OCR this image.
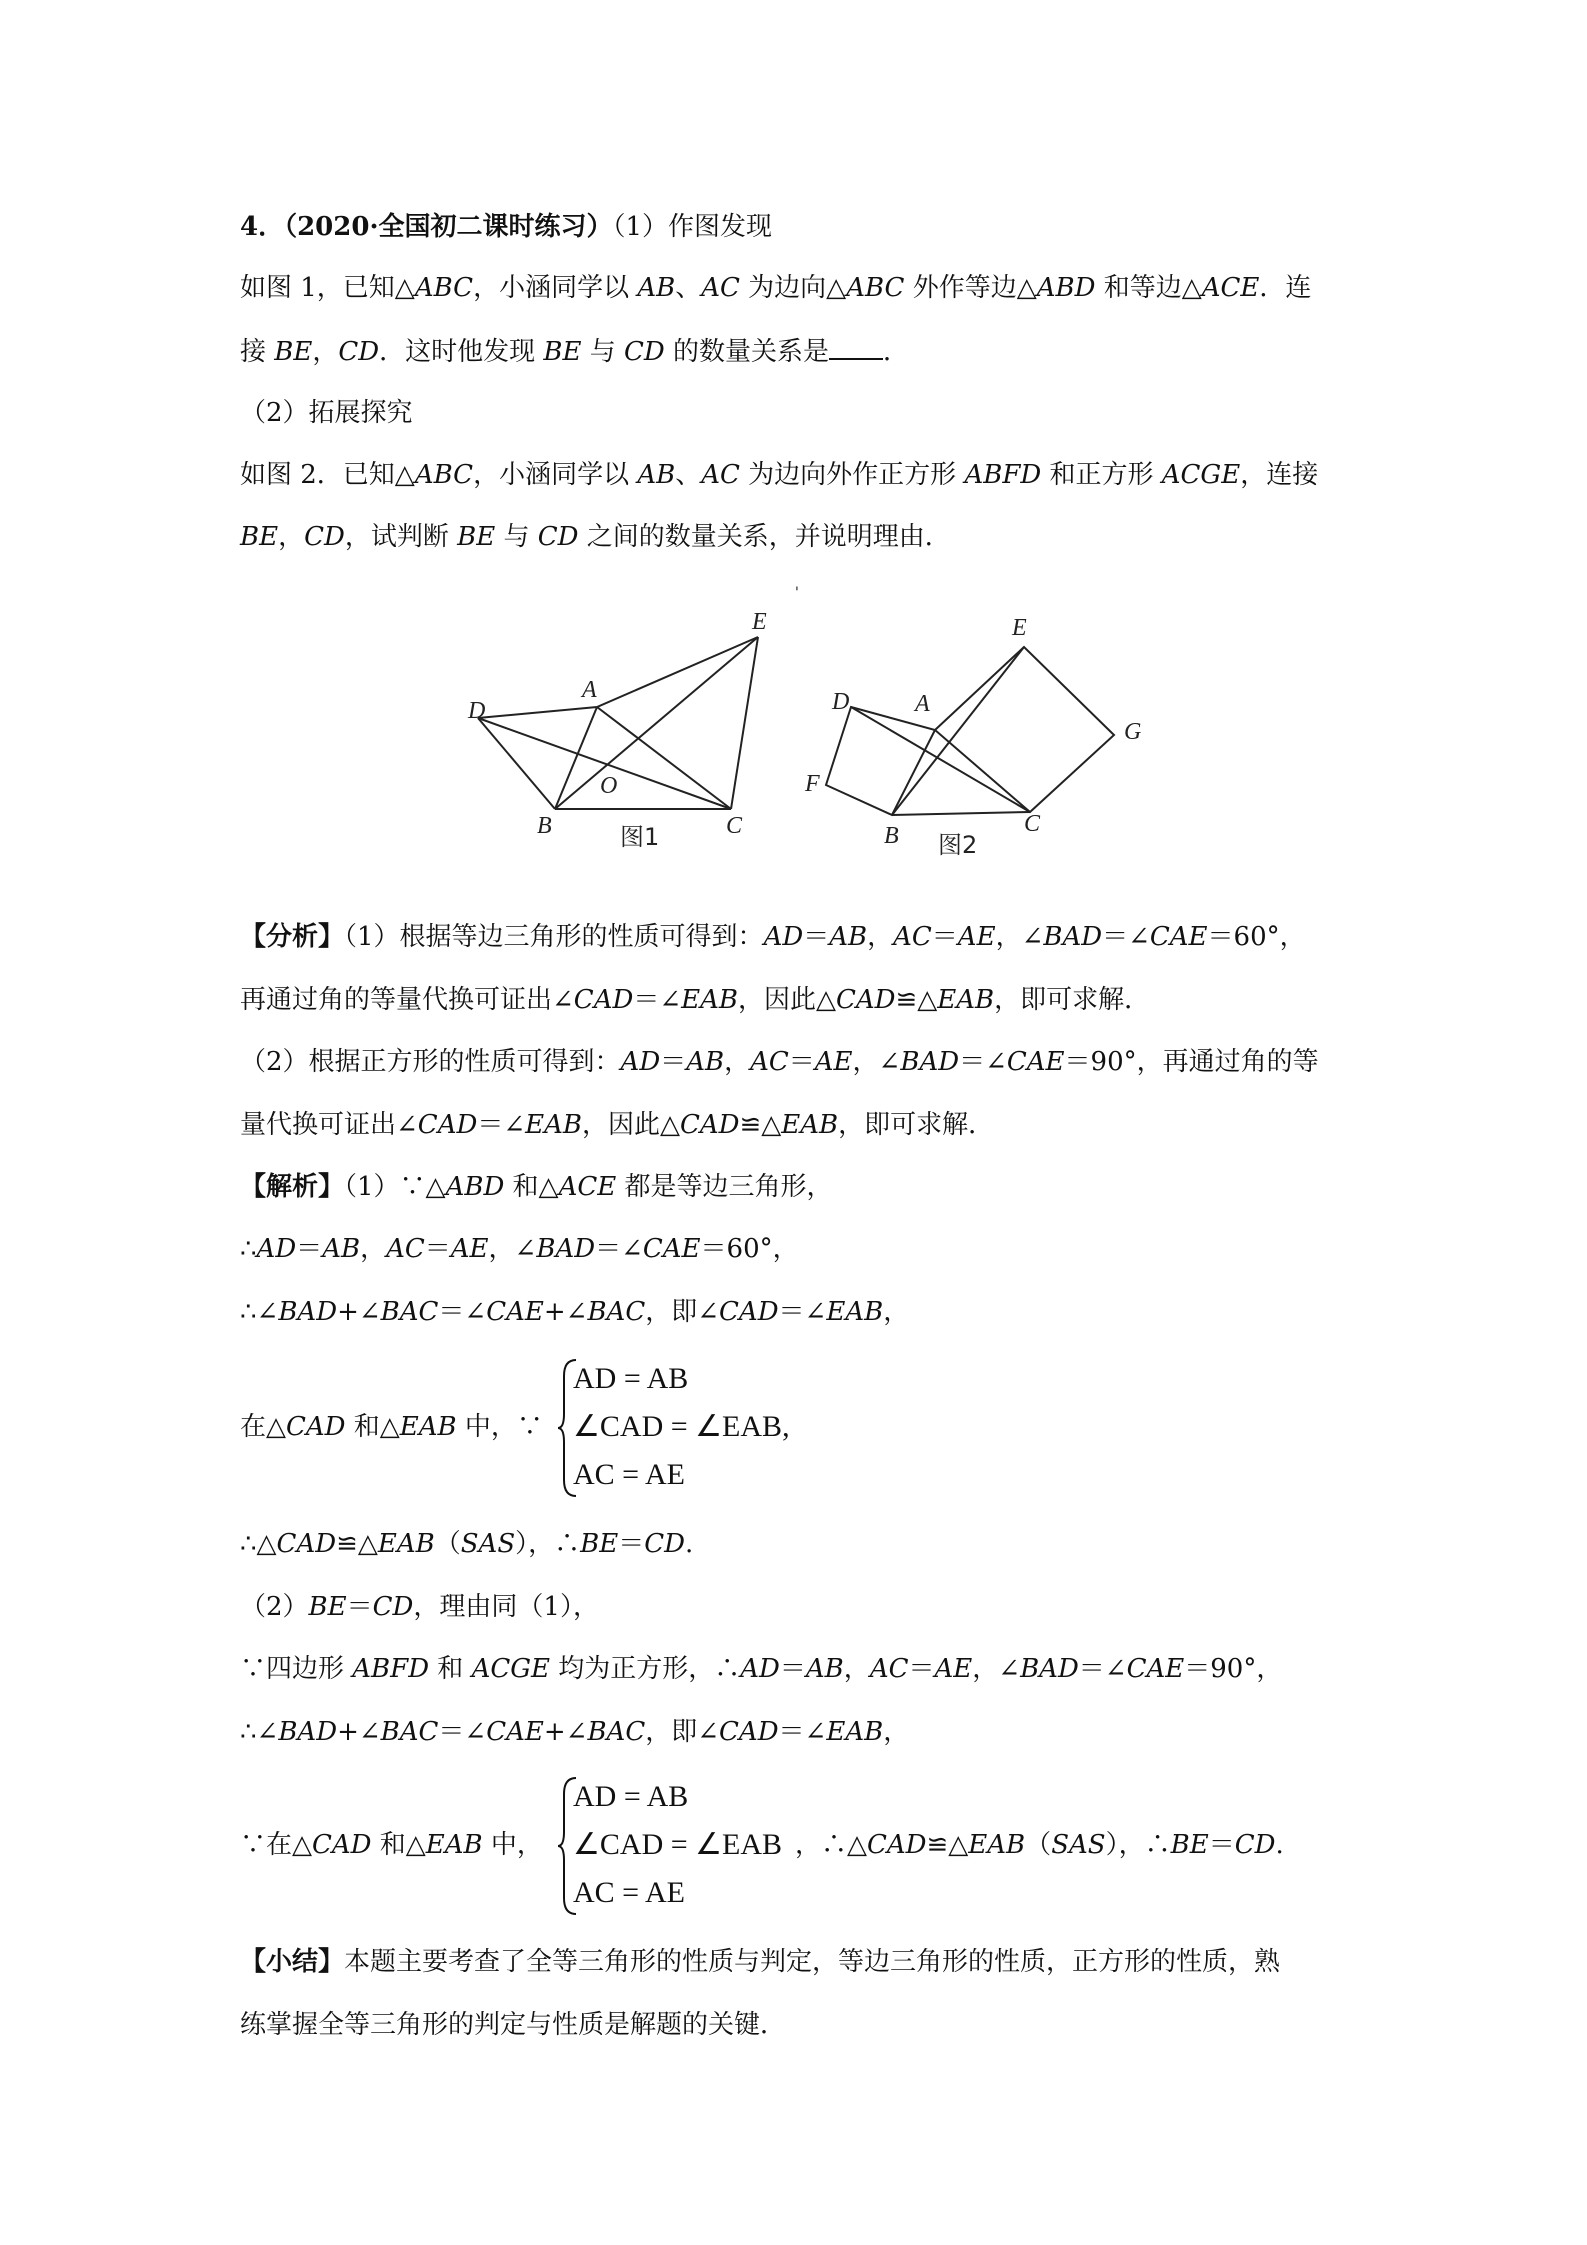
4．（2020·全国初二课时练习）（1）作图发现
如图 1，已知△ABC，小涵同学以 AB、AC 为边向△ABC 外作等边△ABD 和等边△ACE．连
接 BE，CD．这时他发现 BE 与 CD 的数量关系是 ．
（2）拓展探究
如图 2．已知△ABC，小涵同学以 AB、AC 为边向外作正方形 ABFD 和正方形 ACGE，连接
BE，CD，试判断 BE 与 CD 之间的数量关系，并说明理由．
'
D
A
E
O
B	C
图1
D	A
E
G
F
B	C
图2
【分析】（1）根据等边三角形的性质可得到：AD＝AB，AC＝AE，∠BAD＝∠CAE＝60°，
再通过角的等量代换可证出∠CAD＝∠EAB，因此△CAD≌△EAB，即可求解．
（2）根据正方形的性质可得到：AD＝AB，AC＝AE，∠BAD＝∠CAE＝90°，再通过角的等
量代换可证出∠CAD＝∠EAB，因此△CAD≌△EAB，即可求解．
【解析】（1）∵△ABD 和△ACE 都是等边三角形，
∴AD＝AB，AC＝AE，∠BAD＝∠CAE＝60°，
∴∠BAD+∠BAC＝∠CAE+∠BAC，即∠CAD＝∠EAB，
在△CAD 和△EAB 中，∵
AD = AB
∠CAD = ∠EAB,
AC = AE
∴△CAD≌△EAB（SAS），∴BE＝CD.
（2）BE＝CD，理由同（1），
∵四边形 ABFD 和 ACGE 均为正方形，∴AD＝AB，AC＝AE，∠BAD＝∠CAE＝90°，
∴∠BAD+∠BAC＝∠CAE+∠BAC，即∠CAD＝∠EAB，
∵在△CAD 和△EAB 中，
AD = AB
∠CAD = ∠EAB
AC = AE
，∴△CAD≌△EAB（SAS），∴BE＝CD.
【小结】本题主要考查了全等三角形的性质与判定，等边三角形的性质，正方形的性质，熟
练掌握全等三角形的判定与性质是解题的关键．
